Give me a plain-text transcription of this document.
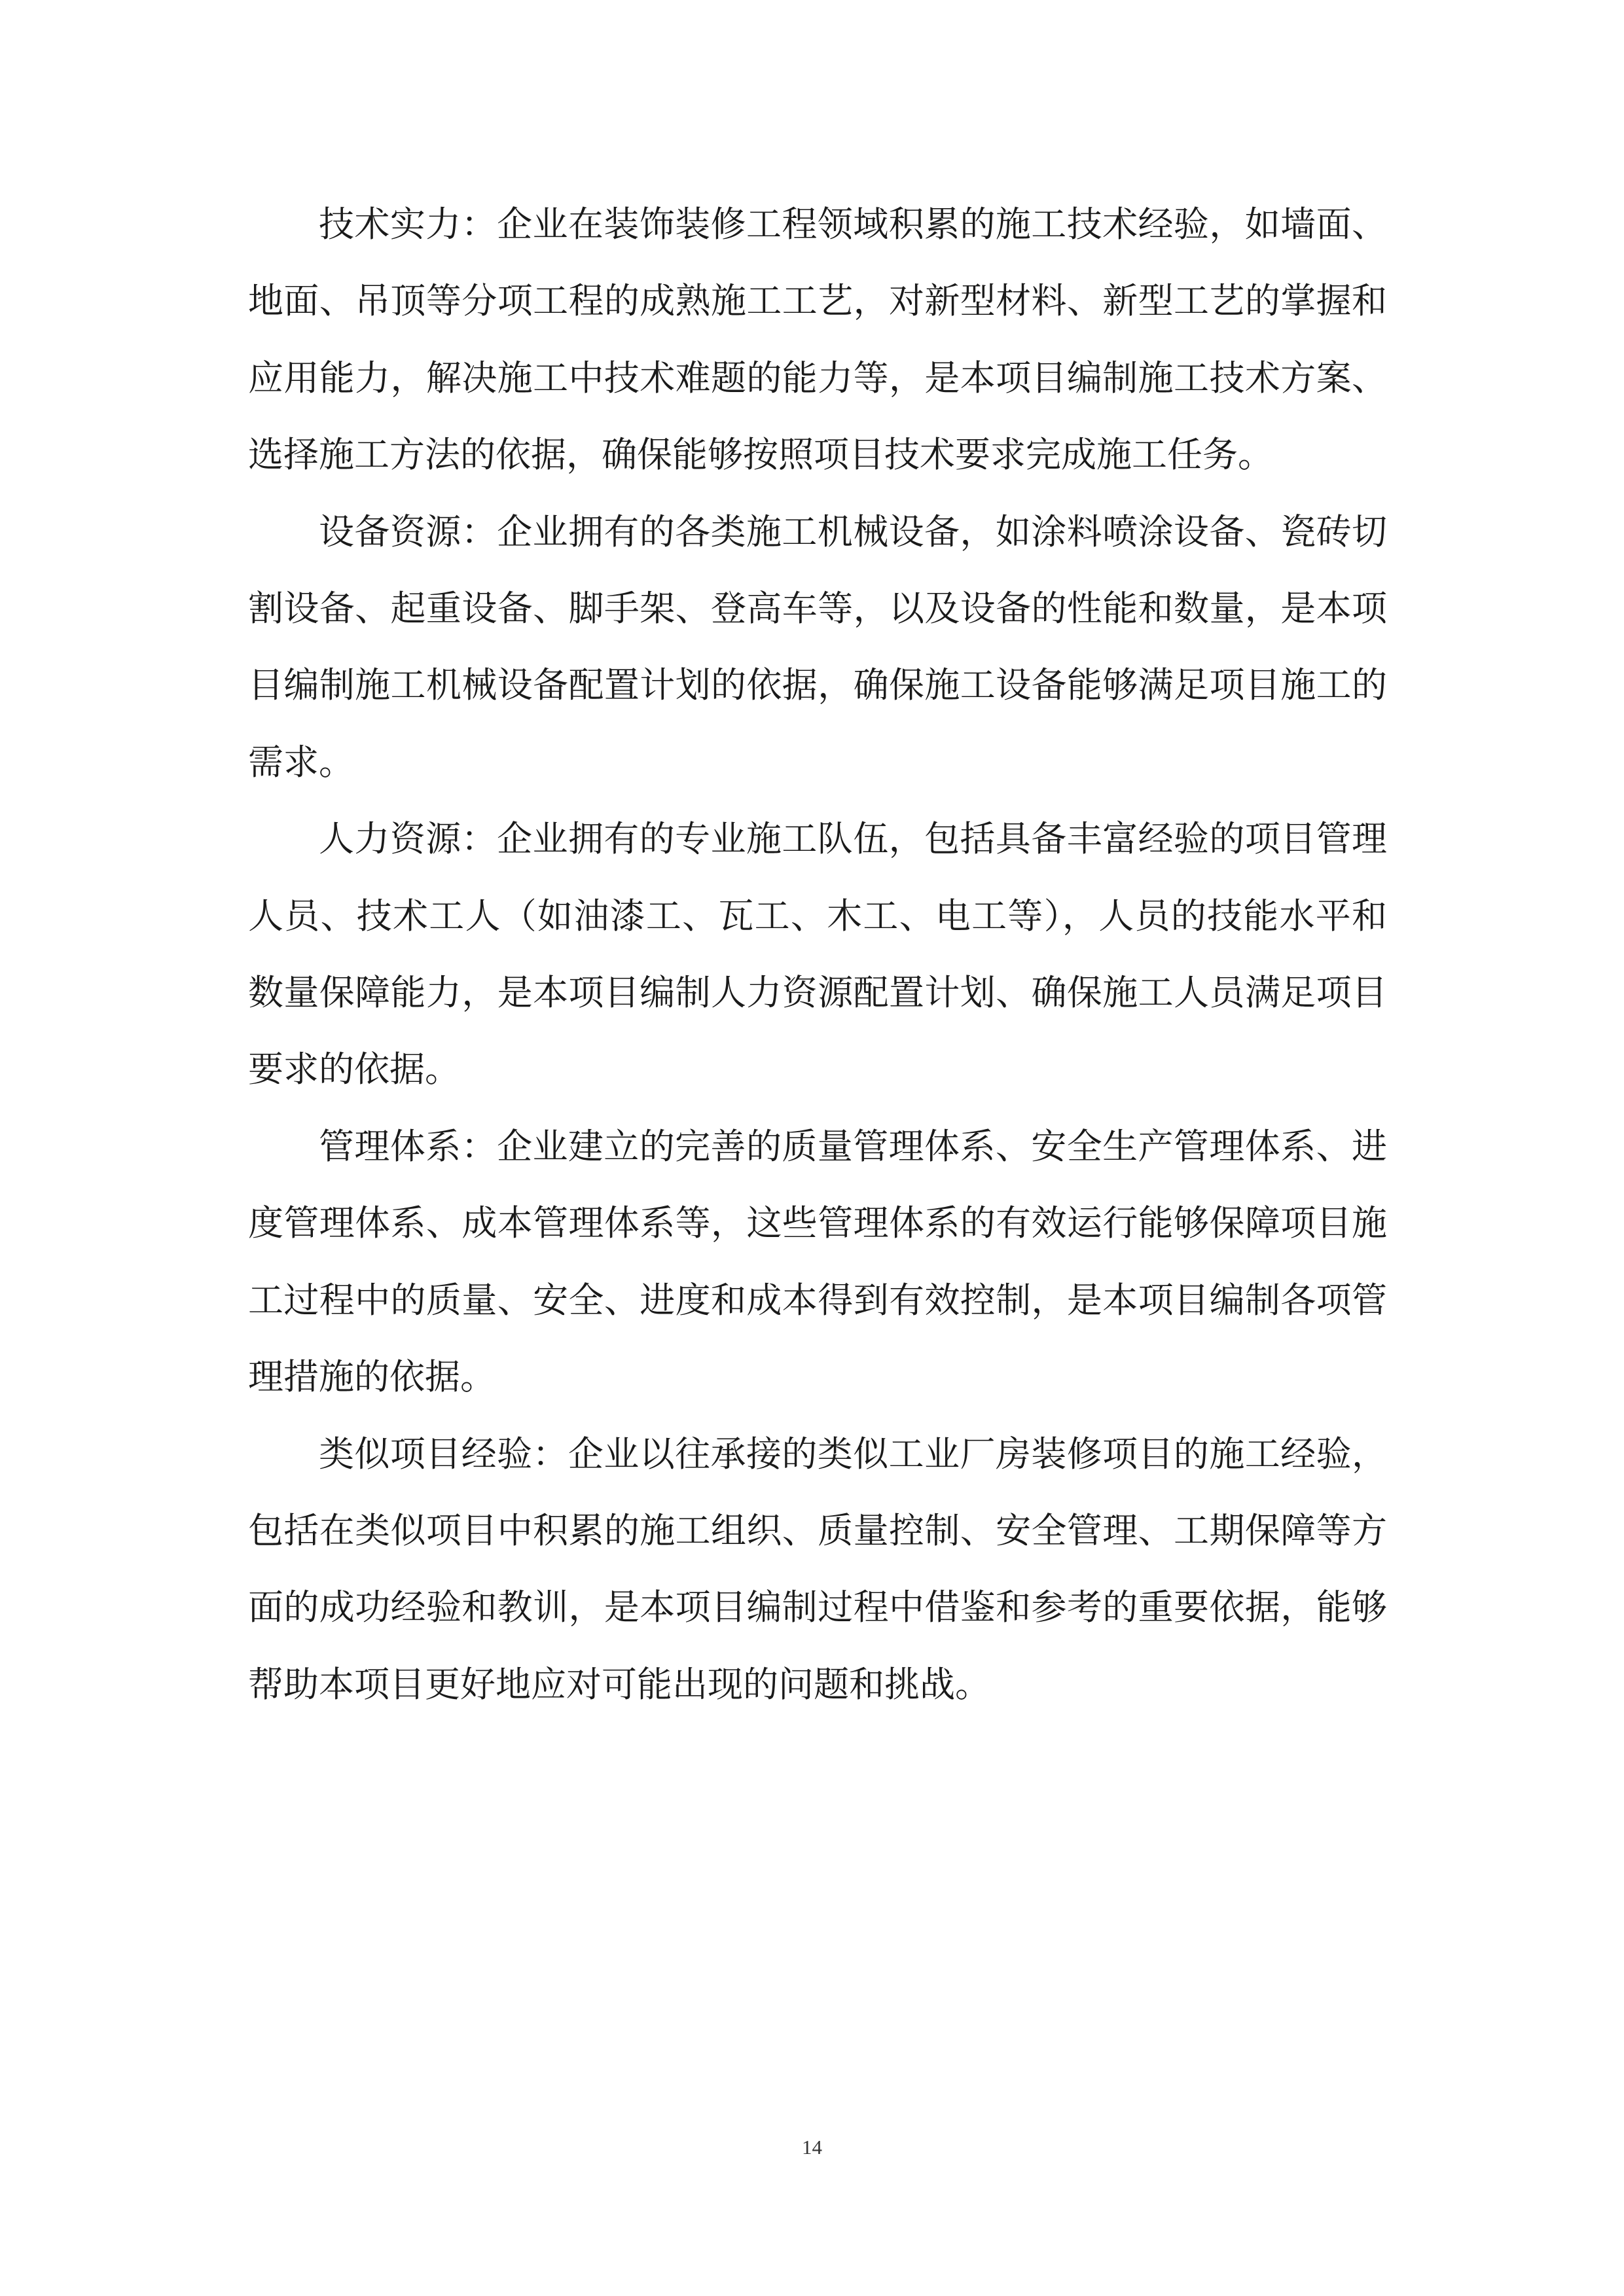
技术实力：企业在装饰装修工程领域积累的施工技术经验，如墙面、地面、吊顶等分项工程的成熟施工工艺，对新型材料、新型工艺的掌握和应用能力，解决施工中技术难题的能力等，是本项目编制施工技术方案、选择施工方法的依据，确保能够按照项目技术要求完成施工任务。

设备资源：企业拥有的各类施工机械设备，如涂料喷涂设备、瓷砖切割设备、起重设备、脚手架、登高车等，以及设备的性能和数量，是本项目编制施工机械设备配置计划的依据，确保施工设备能够满足项目施工的需求。

人力资源：企业拥有的专业施工队伍，包括具备丰富经验的项目管理人员、技术工人（如油漆工、瓦工、木工、电工等），人员的技能水平和数量保障能力，是本项目编制人力资源配置计划、确保施工人员满足项目要求的依据。

管理体系：企业建立的完善的质量管理体系、安全生产管理体系、进度管理体系、成本管理体系等，这些管理体系的有效运行能够保障项目施工过程中的质量、安全、进度和成本得到有效控制，是本项目编制各项管理措施的依据。

类似项目经验：企业以往承接的类似工业厂房装修项目的施工经验，包括在类似项目中积累的施工组织、质量控制、安全管理、工期保障等方面的成功经验和教训，是本项目编制过程中借鉴和参考的重要依据，能够帮助本项目更好地应对可能出现的问题和挑战。

14
